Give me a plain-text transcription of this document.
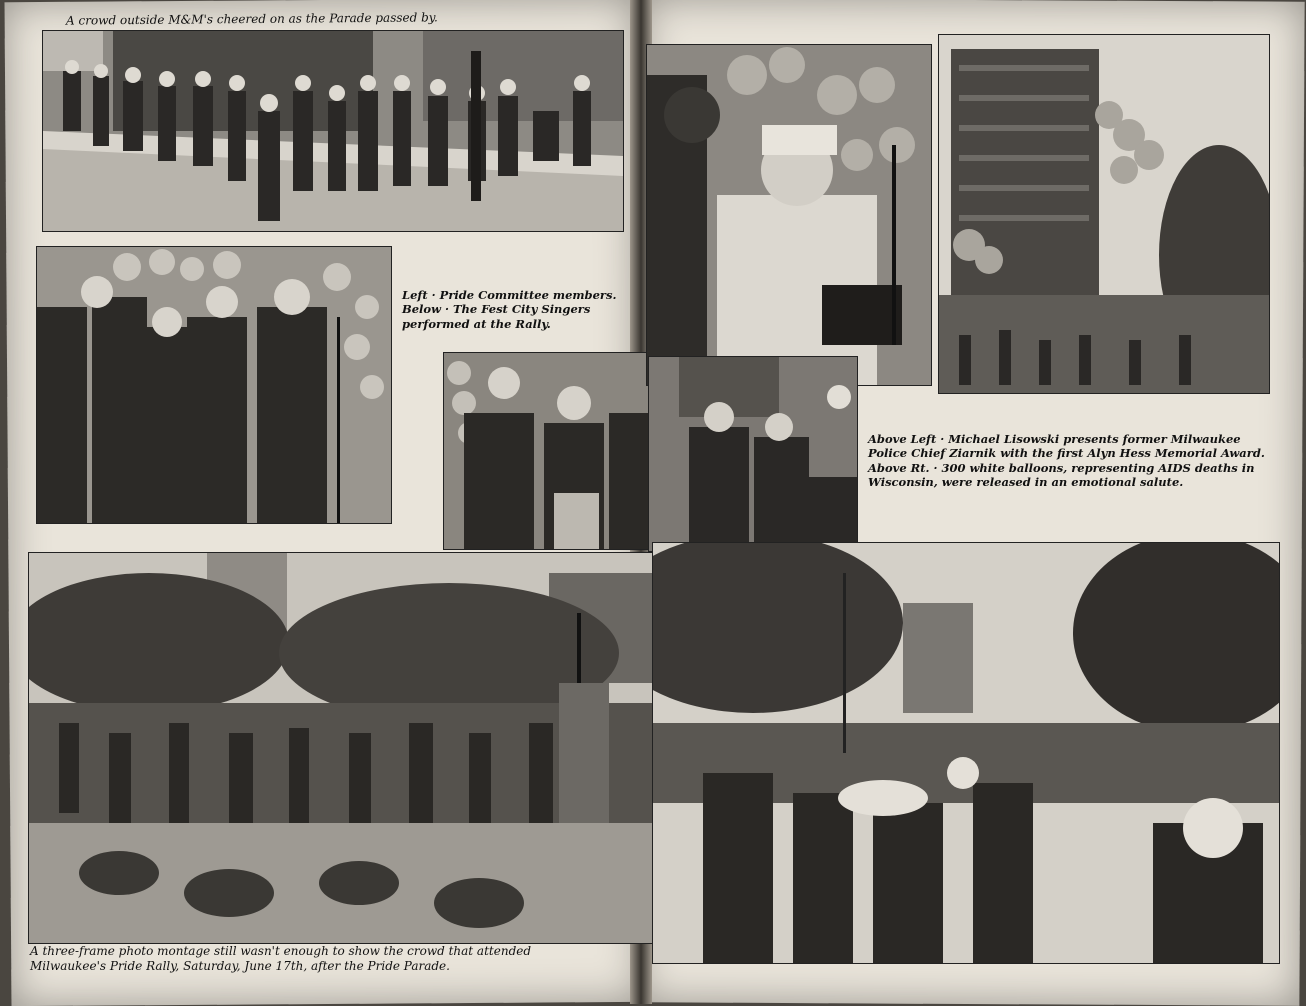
A crowd outside M&M's cheered on as the Parade passed by.
Left · Pride Committee members.
Below · The Fest City Singers
performed at the Rally.
Above Left · Michael Lisowski presents former Milwaukee
Police Chief Ziarnik with the first Alyn Hess Memorial Award.
Above Rt. · 300 white balloons, representing AIDS deaths in
Wisconsin, were released in an emotional salute.
A three-frame photo montage still wasn't enough to show the crowd that attended
Milwaukee's Pride Rally, Saturday, June 17th, after the Pride Parade.
